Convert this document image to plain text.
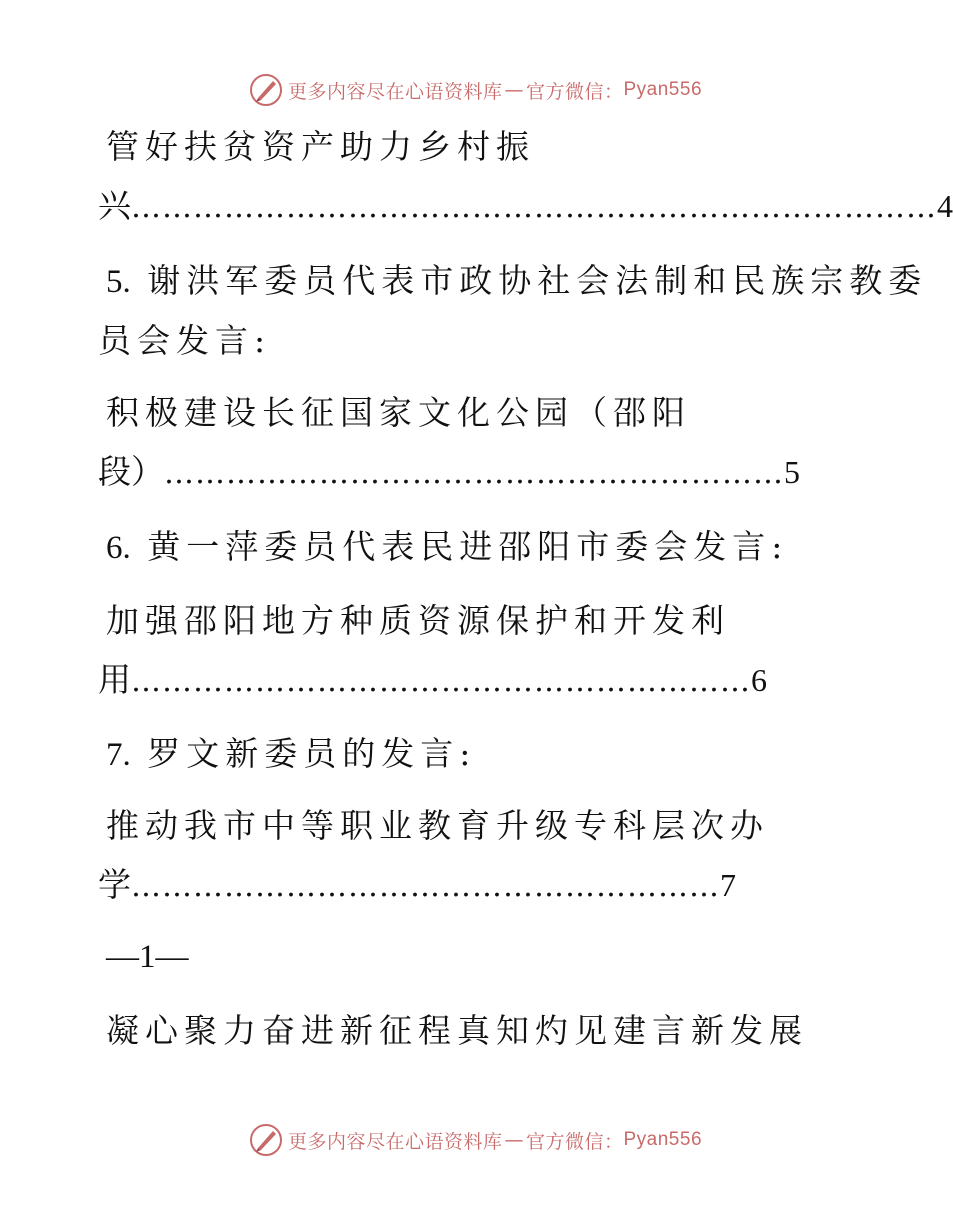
更多内容尽在心语资料库 — 官方微信： Pyan556
管好扶贫资产助力乡村振
兴……………………………………………………………………4
5. 谢洪军委员代表市政协社会法制和民族宗教委
员会发言:
积极建设长征国家文化公园（邵阳
段）……………………………………………………5
6. 黄一萍委员代表民进邵阳市委会发言:
加强邵阳地方种质资源保护和开发利
用……………………………………………………6
7. 罗文新委员的发言:
推动我市中等职业教育升级专科层次办
学…………………………………………………7
—1—
凝心聚力奋进新征程真知灼见建言新发展
更多内容尽在心语资料库 — 官方微信： Pyan556
